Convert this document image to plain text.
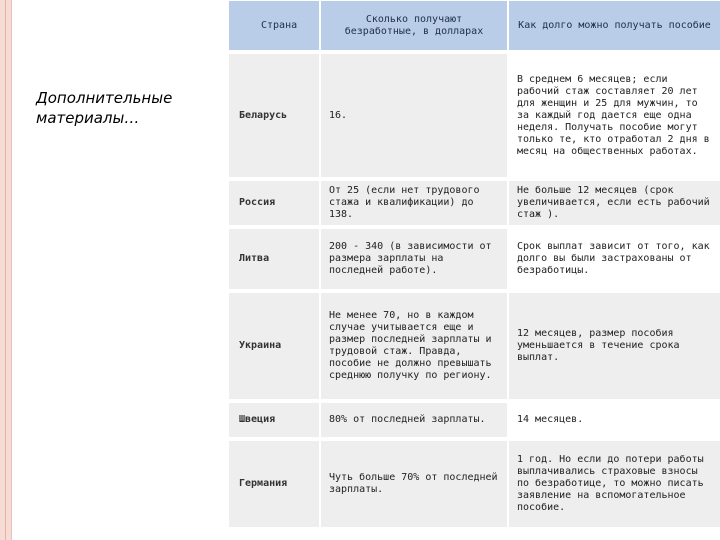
Дополнительные материалы…
Страна	Сколько получают безработные, в долларах	Как долго можно получать пособие
Беларусь	16.	В среднем 6 месяцев; если рабочий стаж составляет 20 лет для женщин и 25 для мужчин, то за каждый год дается еще одна неделя. Получать пособие могут только те, кто отработал 2 дня в месяц на общественных работах.
Россия	От 25 (если нет трудового стажа и квалификации) до 138.	Не больше 12 месяцев (срок увеличивается, если есть рабочий стаж ).
Литва	200 - 340 (в зависимости от размера зарплаты на последней работе).	Срок выплат зависит от того, как долго вы были застрахованы от безработицы.
Украина	Не менее 70, но в каждом случае учитывается еще и размер последней зарплаты и трудовой стаж. Правда, пособие не должно превышать среднюю получку по региону.	12 месяцев, размер пособия уменьшается в течение срока выплат.
Швеция	80% от последней зарплаты.	14 месяцев.
Германия	Чуть больше 70% от последней зарплаты.	1 год. Но если до потери работы выплачивались страховые взносы по безработице, то можно писать заявление на вспомогательное пособие.
